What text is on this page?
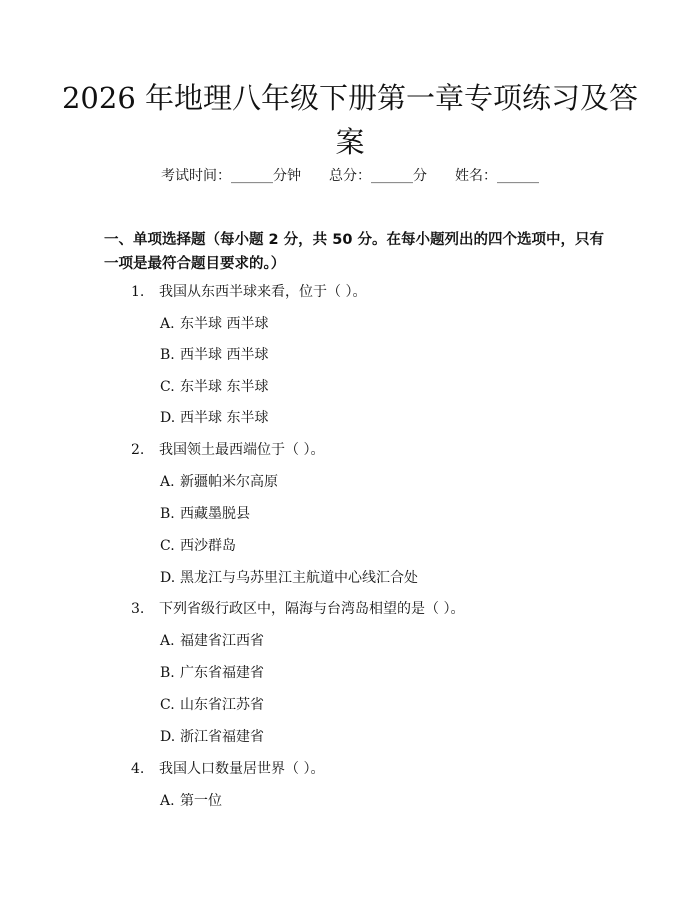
2026 年地理八年级下册第一章专项练习及答案
考试时间：______分钟 总分：______分 姓名：______
一、单项选择题（每小题 2 分，共 50 分。在每小题列出的四个选项中，只有一项是最符合题目要求的。）
1. 我国从东西半球来看，位于（ ）。
A. 东半球 西半球
B. 西半球 西半球
C. 东半球 东半球
D. 西半球 东半球
2. 我国领土最西端位于（ ）。
A. 新疆帕米尔高原
B. 西藏墨脱县
C. 西沙群岛
D. 黑龙江与乌苏里江主航道中心线汇合处
3. 下列省级行政区中，隔海与台湾岛相望的是（ ）。
A. 福建省江西省
B. 广东省福建省
C. 山东省江苏省
D. 浙江省福建省
4. 我国人口数量居世界（ ）。
A. 第一位
